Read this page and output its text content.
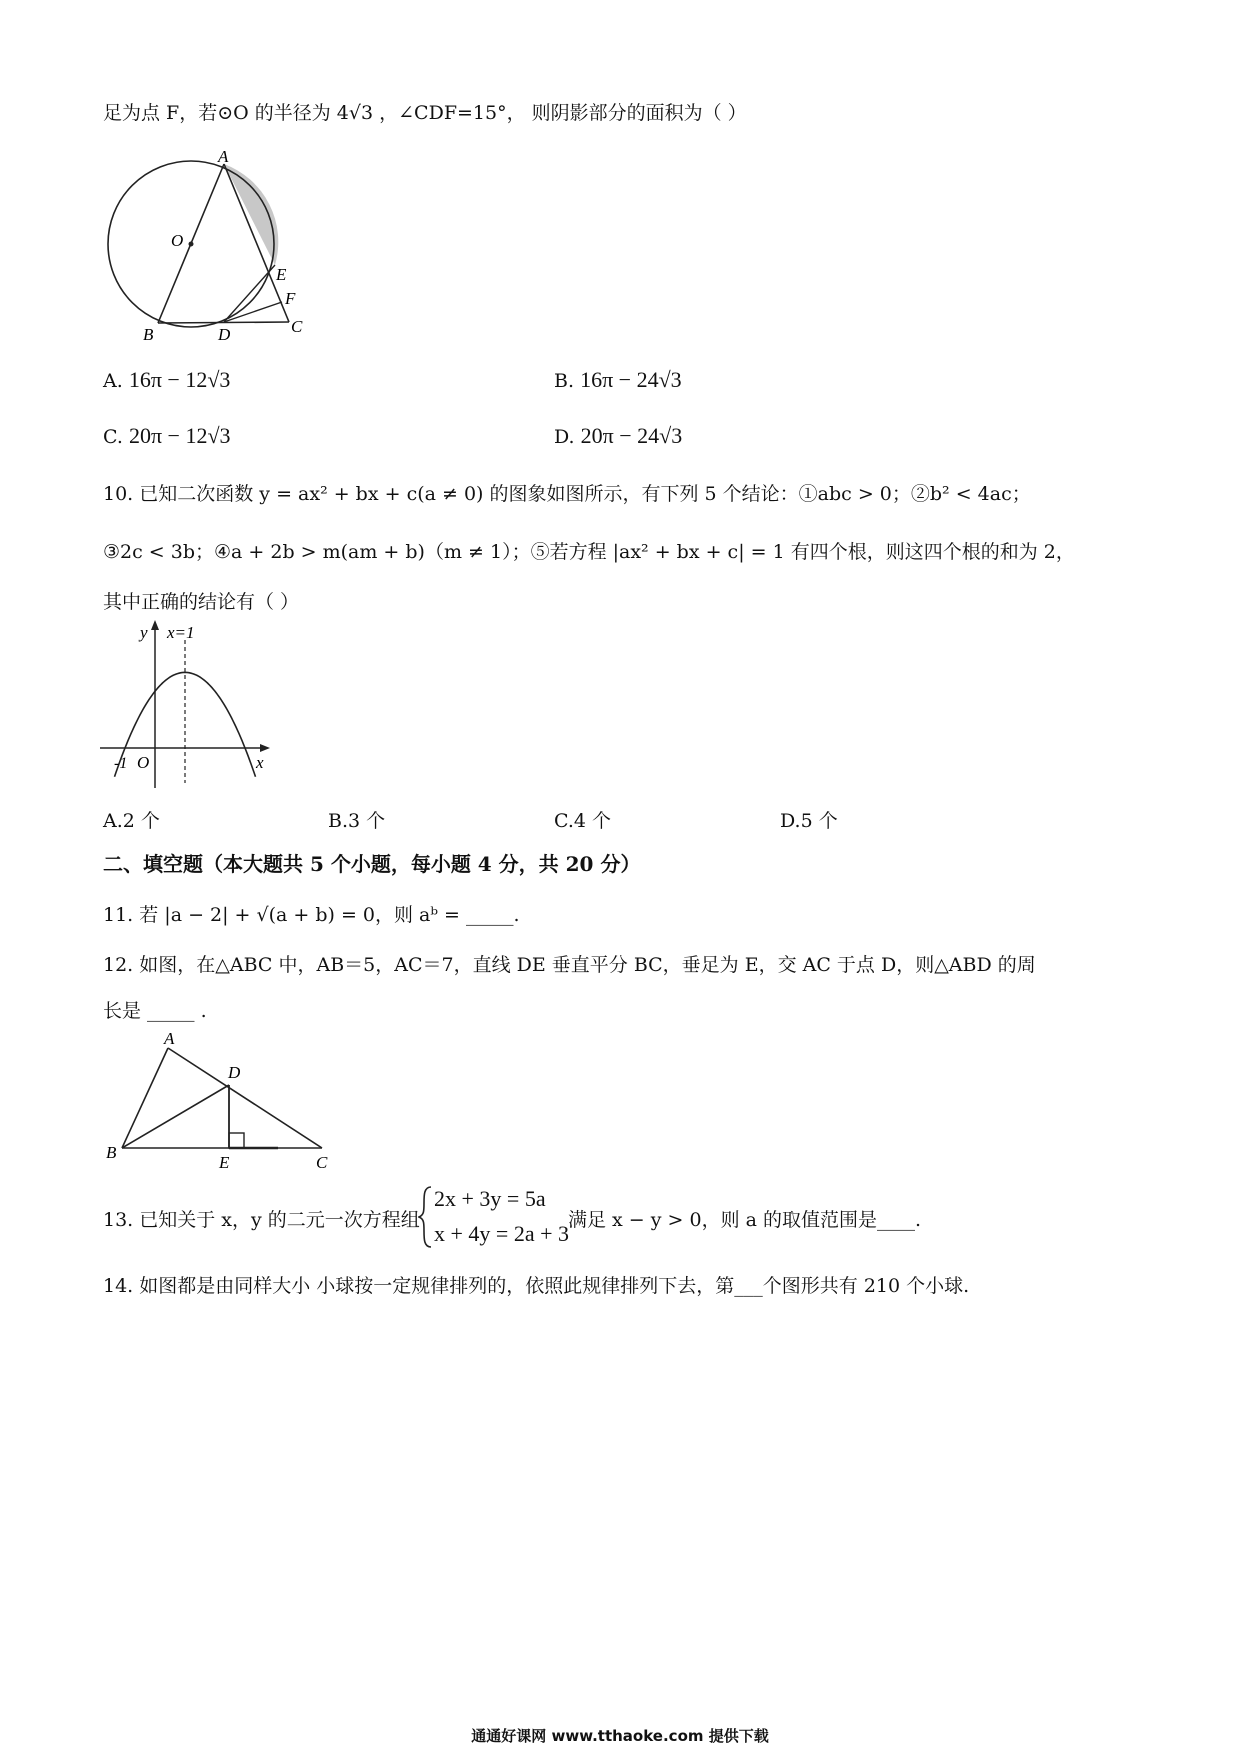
足为点 F，若⊙O 的半径为 4√3 ，∠CDF=15°， 则阴影部分的面积为（ ）
A
O
E
F
B	D	C
A. 16π − 12√3	B. 16π − 24√3
C. 20π − 12√3	D. 20π − 24√3
10. 已知二次函数 y = ax² + bx + c(a ≠ 0) 的图象如图所示，有下列 5 个结论：①abc > 0；②b² < 4ac；
③2c < 3b；④a + 2b > m(am + b)（m ≠ 1）；⑤若方程 |ax² + bx + c| = 1 有四个根，则这四个根的和为 2，
其中正确的结论有（ ）
y x=1
x
-1 O
A.2 个	B.3 个	C.4 个	D.5 个
二、填空题（本大题共 5 个小题，每小题 4 分，共 20 分）
11. 若 |a − 2| + √(a + b) = 0，则 aᵇ = _____.
12. 如图，在△ABC 中，AB＝5，AC＝7，直线 DE 垂直平分 BC，垂足为 E，交 AC 于点 D，则△ABD 的周
长是 _____ .
A
D
B
E	C
13. 已知关于 x，y 的二元一次方程组
2x + 3y = 5a
x + 4y = 2a + 3
满足 x − y > 0，则 a 的取值范围是____.
14. 如图都是由同样大小 小球按一定规律排列的，依照此规律排列下去，第___个图形共有 210 个小球.
通通好课网 www.tthaoke.com 提供下载
